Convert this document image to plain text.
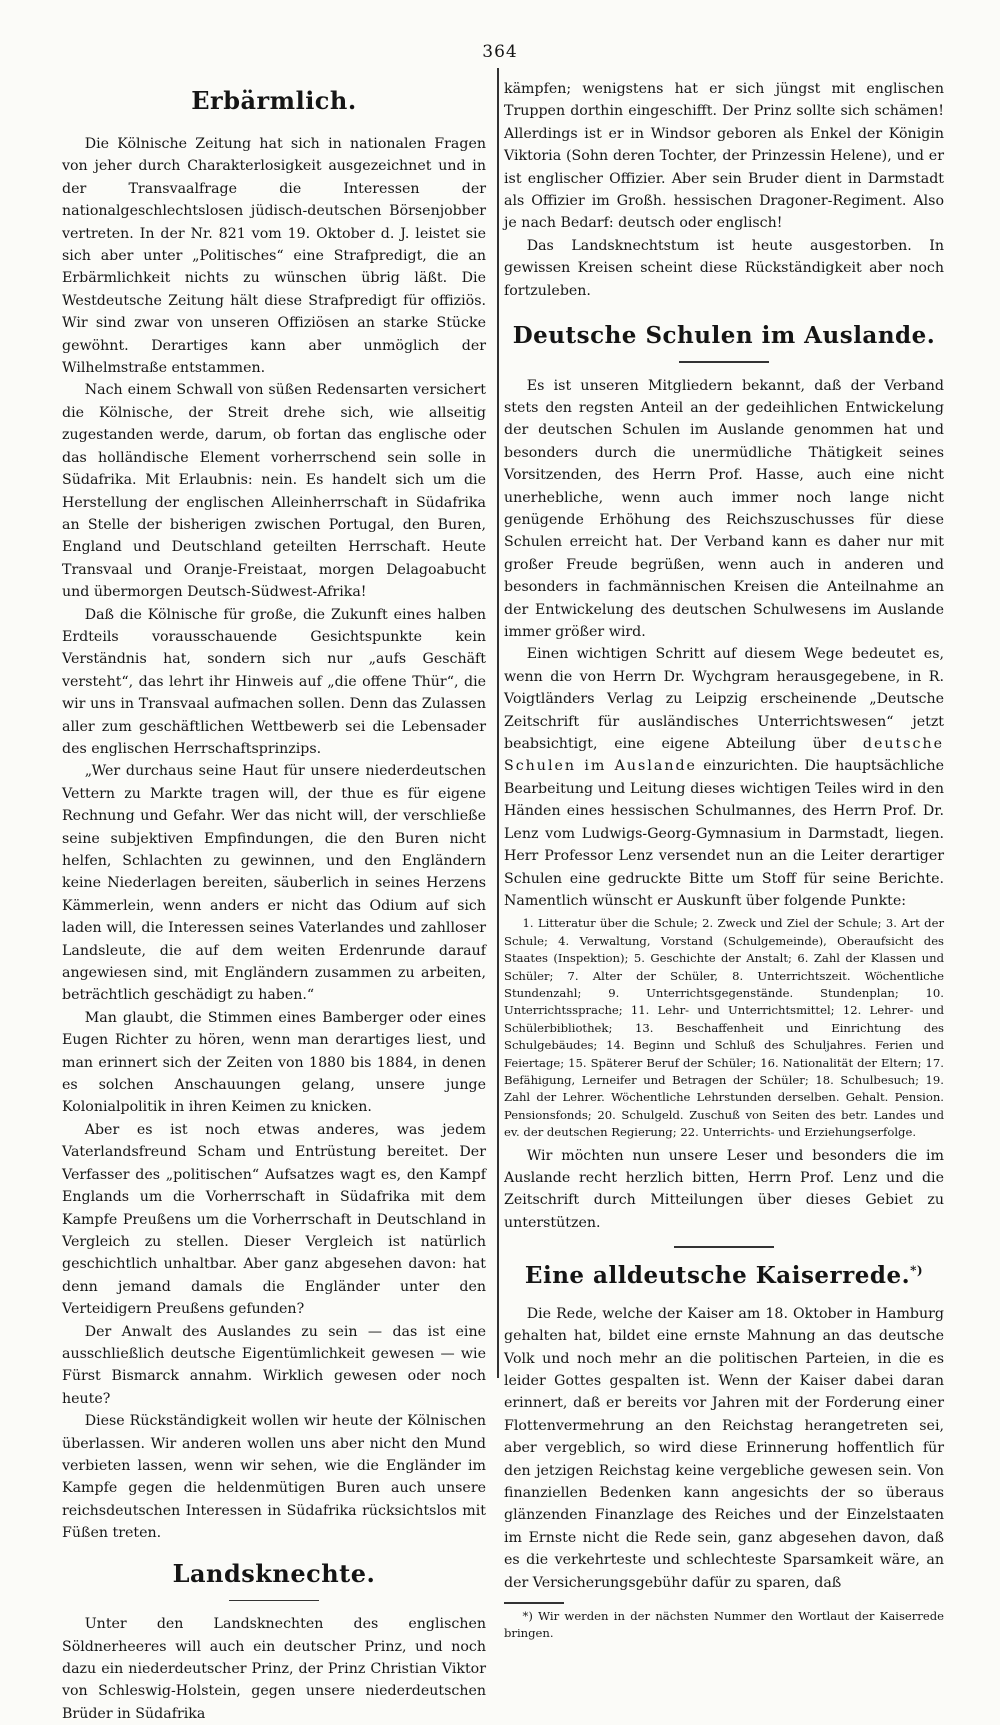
364
Erbärmlich.

Die Kölnische Zeitung hat sich in nationalen Fragen von jeher durch Charakterlosigkeit ausgezeichnet und in der Transvaalfrage die Interessen der nationalgeschlechtslosen jüdisch-deutschen Börsenjobber vertreten. In der Nr. 821 vom 19. Oktober d. J. leistet sie sich aber unter „Politisches“ eine Strafpredigt, die an Erbärmlichkeit nichts zu wünschen übrig läßt. Die Westdeutsche Zeitung hält diese Strafpredigt für offiziös. Wir sind zwar von unseren Offiziösen an starke Stücke gewöhnt. Derartiges kann aber unmöglich der Wilhelmstraße entstammen.

Nach einem Schwall von süßen Redensarten versichert die Kölnische, der Streit drehe sich, wie allseitig zugestanden werde, darum, ob fortan das englische oder das holländische Element vorherrschend sein solle in Südafrika. Mit Erlaubnis: nein. Es handelt sich um die Herstellung der englischen Alleinherrschaft in Südafrika an Stelle der bisherigen zwischen Portugal, den Buren, England und Deutschland geteilten Herrschaft. Heute Transvaal und Oranje-Freistaat, morgen Delagoabucht und übermorgen Deutsch-Südwest-Afrika!

Daß die Kölnische für große, die Zukunft eines halben Erdteils vorausschauende Gesichtspunkte kein Verständnis hat, sondern sich nur „aufs Geschäft versteht“, das lehrt ihr Hinweis auf „die offene Thür“, die wir uns in Transvaal aufmachen sollen. Denn das Zulassen aller zum geschäftlichen Wettbewerb sei die Lebensader des englischen Herrschaftsprinzips.

„Wer durchaus seine Haut für unsere niederdeutschen Vettern zu Markte tragen will, der thue es für eigene Rechnung und Gefahr. Wer das nicht will, der verschließe seine subjektiven Empfindungen, die den Buren nicht helfen, Schlachten zu gewinnen, und den Engländern keine Niederlagen bereiten, säuberlich in seines Herzens Kämmerlein, wenn anders er nicht das Odium auf sich laden will, die Interessen seines Vaterlandes und zahlloser Landsleute, die auf dem weiten Erdenrunde darauf angewiesen sind, mit Engländern zusammen zu arbeiten, beträchtlich geschädigt zu haben.“

Man glaubt, die Stimmen eines Bamberger oder eines Eugen Richter zu hören, wenn man derartiges liest, und man erinnert sich der Zeiten von 1880 bis 1884, in denen es solchen Anschauungen gelang, unsere junge Kolonialpolitik in ihren Keimen zu knicken.

Aber es ist noch etwas anderes, was jedem Vaterlandsfreund Scham und Entrüstung bereitet. Der Verfasser des „politischen“ Aufsatzes wagt es, den Kampf Englands um die Vorherrschaft in Südafrika mit dem Kampfe Preußens um die Vorherrschaft in Deutschland in Vergleich zu stellen. Dieser Vergleich ist natürlich geschichtlich unhaltbar. Aber ganz abgesehen davon: hat denn jemand damals die Engländer unter den Verteidigern Preußens gefunden?

Der Anwalt des Auslandes zu sein — das ist eine ausschließlich deutsche Eigentümlichkeit gewesen — wie Fürst Bismarck annahm. Wirklich gewesen oder noch heute?

Diese Rückständigkeit wollen wir heute der Kölnischen überlassen. Wir anderen wollen uns aber nicht den Mund verbieten lassen, wenn wir sehen, wie die Engländer im Kampfe gegen die heldenmütigen Buren auch unsere reichsdeutschen Interessen in Südafrika rücksichtslos mit Füßen treten.

Landsknechte.

Unter den Landsknechten des englischen Söldnerheeres will auch ein deutscher Prinz, und noch dazu ein niederdeutscher Prinz, der Prinz Christian Viktor von Schleswig-Holstein, gegen unsere niederdeutschen Brüder in Südafrika

kämpfen; wenigstens hat er sich jüngst mit englischen Truppen dorthin eingeschifft. Der Prinz sollte sich schämen! Allerdings ist er in Windsor geboren als Enkel der Königin Viktoria (Sohn deren Tochter, der Prinzessin Helene), und er ist englischer Offizier. Aber sein Bruder dient in Darmstadt als Offizier im Großh. hessischen Dragoner-Regiment. Also je nach Bedarf: deutsch oder englisch!

Das Landsknechtstum ist heute ausgestorben. In gewissen Kreisen scheint diese Rückständigkeit aber noch fortzuleben.

Deutsche Schulen im Auslande.

Es ist unseren Mitgliedern bekannt, daß der Verband stets den regsten Anteil an der gedeihlichen Entwickelung der deutschen Schulen im Auslande genommen hat und besonders durch die unermüdliche Thätigkeit seines Vorsitzenden, des Herrn Prof. Hasse, auch eine nicht unerhebliche, wenn auch immer noch lange nicht genügende Erhöhung des Reichszuschusses für diese Schulen erreicht hat. Der Verband kann es daher nur mit großer Freude begrüßen, wenn auch in anderen und besonders in fachmännischen Kreisen die Anteilnahme an der Entwickelung des deutschen Schulwesens im Auslande immer größer wird.

Einen wichtigen Schritt auf diesem Wege bedeutet es, wenn die von Herrn Dr. Wychgram herausgegebene, in R. Voigtländers Verlag zu Leipzig erscheinende „Deutsche Zeitschrift für ausländisches Unterrichtswesen“ jetzt beabsichtigt, eine eigene Abteilung über deutsche Schulen im Auslande einzurichten. Die hauptsächliche Bearbeitung und Leitung dieses wichtigen Teiles wird in den Händen eines hessischen Schulmannes, des Herrn Prof. Dr. Lenz vom Ludwigs-Georg-Gymnasium in Darmstadt, liegen. Herr Professor Lenz versendet nun an die Leiter derartiger Schulen eine gedruckte Bitte um Stoff für seine Berichte. Namentlich wünscht er Auskunft über folgende Punkte:

1. Litteratur über die Schule; 2. Zweck und Ziel der Schule; 3. Art der Schule; 4. Verwaltung, Vorstand (Schulgemeinde), Oberaufsicht des Staates (Inspektion); 5. Geschichte der Anstalt; 6. Zahl der Klassen und Schüler; 7. Alter der Schüler, 8. Unterrichtszeit. Wöchentliche Stundenzahl; 9. Unterrichtsgegenstände. Stundenplan; 10. Unterrichtssprache; 11. Lehr- und Unterrichtsmittel; 12. Lehrer- und Schülerbibliothek; 13. Beschaffenheit und Einrichtung des Schulgebäudes; 14. Beginn und Schluß des Schuljahres. Ferien und Feiertage; 15. Späterer Beruf der Schüler; 16. Nationalität der Eltern; 17. Befähigung, Lerneifer und Betragen der Schüler; 18. Schulbesuch; 19. Zahl der Lehrer. Wöchentliche Lehrstunden derselben. Gehalt. Pension. Pensionsfonds; 20. Schulgeld. Zuschuß von Seiten des betr. Landes und ev. der deutschen Regierung; 22. Unterrichts- und Erziehungserfolge.

Wir möchten nun unsere Leser und besonders die im Auslande recht herzlich bitten, Herrn Prof. Lenz und die Zeitschrift durch Mitteilungen über dieses Gebiet zu unterstützen.

Eine alldeutsche Kaiserrede.*)

Die Rede, welche der Kaiser am 18. Oktober in Hamburg gehalten hat, bildet eine ernste Mahnung an das deutsche Volk und noch mehr an die politischen Parteien, in die es leider Gottes gespalten ist. Wenn der Kaiser dabei daran erinnert, daß er bereits vor Jahren mit der Forderung einer Flottenvermehrung an den Reichstag herangetreten sei, aber vergeblich, so wird diese Erinnerung hoffentlich für den jetzigen Reichstag keine vergebliche gewesen sein. Von finanziellen Bedenken kann angesichts der so überaus glänzenden Finanzlage des Reiches und der Einzelstaaten im Ernste nicht die Rede sein, ganz abgesehen davon, daß es die verkehrteste und schlechteste Sparsamkeit wäre, an der Versicherungsgebühr dafür zu sparen, daß

*) Wir werden in der nächsten Nummer den Wortlaut der Kaiserrede bringen.
